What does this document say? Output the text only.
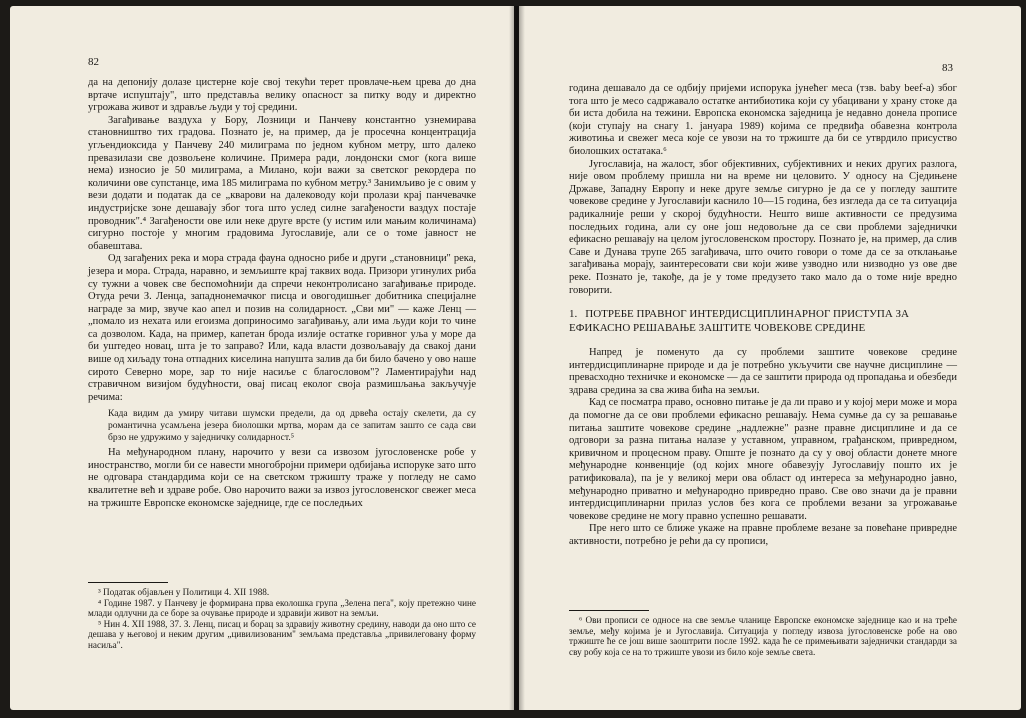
82

да на депонију долазе цистерне које свој текући терет провлаче-њем црева до дна вртаче испуштају", што представља велику опасност за питку воду и директно угрожава живот и здравље људи у тој средини.

Загађивање ваздуха у Бору, Лозници и Панчеву константно узнемирава становништво тих градова. Познато је, на пример, да је просечна концентрација угљендиоксида у Панчеву 240 милиграма по једном кубном метру, што далеко превазилази све дозвољене количине. Примера ради, лондонски смог (кога више нема) износио је 50 милиграма, а Милано, који важи за светског рекордера по количини ове супстанце, има 185 милиграма по кубном метру.³ Занимљиво је с овим у вези додати и податак да се „кварови на далеководу који пролази крај панчевачке индустријске зоне дешавају због тога што услед силне загађености ваздух постаје проводник".⁴ Загађености ове или неке друге врсте (у истим или мањим количинама) сигурно постоје у многим градовима Југославије, али се о томе јавност не обавештава.

Од загађених река и мора страда фауна односно рибе и други „становници" река, језера и мора. Страда, наравно, и земљиште крај таквих вода. Призори угинулих риба су тужни а човек све беспомоћнији да спречи неконтролисано загађивање природе. Отуда речи З. Ленца, западнонемачког писца и овогодишњег добитника специјалне награде за мир, звуче као апел и позив на солидарност. „Сви ми" — каже Ленц — „помало из нехата или егоизма доприносимо загађивању, али има људи који то чине са дозволом. Када, на пример, капетан брода излије остатке горивног уља у море да би уштедео новац, шта је то заправо? Или, када власти дозвољавају да свакој дани више од хиљаду тона отпадних киселина напушта залив да би било бачено у ово наше сирото Северно море, зар то није насиље с благословом"? Ламентирајући над стравичном визијом будућности, овај писац еколог своја размишљања закључује речима:

Када видим да умиру читави шумски предели, да од дрвећа остају скелети, да су романтична усамљена језера биолошки мртва, морам да се запитам зашто се сада сви брзо не удружимо у заједничку солидарност.⁵

На међународном плану, нарочито у вези са извозом југословенске робе у иностранство, могли би се навести многобројни примери одбијања испоруке зато што не одговара стандардима који се на светском тржишту траже у погледу не само квалитетне већ и здраве робе. Ово нарочито важи за извоз југословенског свежег меса на тржиште Европске економске заједнице, где се последњих

³ Податак објављен у Политици 4. XII 1988.

⁴ Године 1987. у Панчеву је формирана прва еколошка група „Зелена пега", коју претежно чине млади одлучни да се боре за очување природе и здравији живот на земљи.

⁵ Нин 4. XII 1988, 37. З. Ленц, писац и борац за здравију животну средину, наводи да оно што се дешава у његовој и неким другим „цивилизованим" земљама представља „привилеговану форму насиља".

83

година дешавало да се одбију пријеми испорука јунећег меса (тзв. baby beef-а) због тога што је месо садржавало остатке антибиотика који су убацивани у храну стоке да би иста добила на тежини. Европска економска заједница је недавно донела прописе (који ступају на снагу 1. јануара 1989) којима се предвиђа обавезна контрола животиња и свежег меса које се увози на то тржиште да би се утврдило присуство биолошких остатака.⁶

Југославија, на жалост, због објективних, субјективних и неких других разлога, није овом проблему пришла ни на време ни целовито. У односу на Сједињене Државе, Западну Европу и неке друге земље сигурно је да се у погледу заштите човекове средине у Југославији каснило 10—15 година, без изгледа да се та ситуација радикалније реши у скорој будућности. Нешто више активности се предузима последњих година, али су оне још недовољне да се сви проблеми заједнички ефикасно решавају на целом југословенском простору. Познато је, на пример, да слив Саве и Дунава трупе 265 загађивача, што очито говори о томе да се за отклањање загађивања морају, заинтересовати сви који живе узводно или низводно уз ове две реке. Познато је, такође, да је у томе предузето тако мало да о томе није вредно говорити.

1. ПОТРЕБЕ ПРАВНОГ ИНТЕРДИСЦИПЛИНАРНОГ ПРИСТУПА ЗА ЕФИКАСНО РЕШАВАЊЕ ЗАШТИТЕ ЧОВЕКОВЕ СРЕДИНЕ

Напред је поменуто да су проблеми заштите човекове средине интердисциплинарне природе и да је потребно укључити све научне дисциплине — превасходно техничке и економске — да се заштити природа од пропадања и обезбеди здрава средина за сва жива бића на земљи.

Кад се посматра право, основно питање је да ли право и у којој мери може и мора да помогне да се ови проблеми ефикасно решавају. Нема сумње да су за решавање питања заштите човекове средине „надлежне" разне правне дисциплине и да се одговори за разна питања налазе у уставном, управном, грађанском, привредном, кривичном и процесном праву. Опште је познато да су у овој области донете многе међународне конвенције (од којих многе обавезују Југославију пошто их је ратификовала), па је у великој мери ова област од интереса за међународно јавно, међународно приватно и међународно привредно право. Све ово значи да је правни интердисциплинарни прилаз услов без кога се проблеми везани за угрожавање човекове средине не могу правно успешно решавати.

Пре него што се ближе укаже на правне проблеме везане за повећане привредне активности, потребно је рећи да су прописи,

⁶ Ови прописи се односе на све земље чланице Европске економске заједнице као и на треће земље, међу којима је и Југославија. Ситуација у погледу извоза југословенске робе на ово тржиште ће се још више заоштрити после 1992. када ће се примењивати заједнички стандарди за сву робу која се на то тржиште увози из било које земље света.
